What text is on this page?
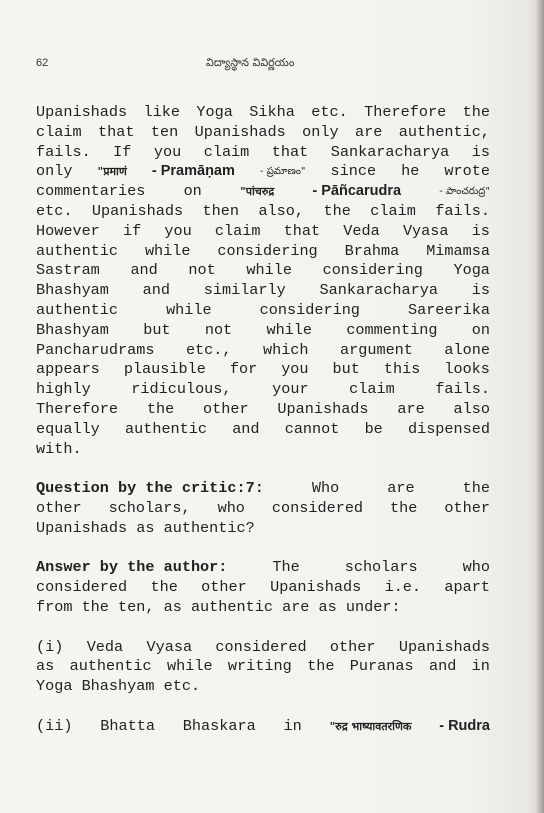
62	విద్యాస్థాన వివిర్ణయం
Upanishads like Yoga Sikha etc. Therefore the
claim that ten Upanishads only are authentic,
fails. If you claim that Sankaracharya is
only "प्रमाणं - Pramāṇam	- ప్రమాణం" since he wrote
commentaries	on	"पांचरुद्र	- Pāñcarudra	- పాంచరుద్ర"
etc. Upanishads then also, the claim fails.
However if you claim that Veda Vyasa is
authentic while considering Brahma Mimamsa
Sastram and not while considering Yoga
Bhashyam and similarly Sankaracharya is
authentic	while	considering	Sareerika
Bhashyam but not while commenting on
Pancharudrams etc., which argument alone
appears plausible for you but this looks
highly	ridiculous,	your	claim	fails.
Therefore the other Upanishads are also
equally authentic and cannot be dispensed
with.
Question by the critic:7:	Who	are	the
other scholars, who considered the other
Upanishads as authentic?
Answer by the author:	The	scholars	who
considered the other Upanishads i.e. apart
from the ten, as authentic are as under:
(i) Veda Vyasa considered other Upanishads
as authentic while writing the Puranas and in
Yoga Bhashyam etc.
(ii) Bhatta Bhaskara in	"रुद्र भाष्यावतरणिक - Rudra
